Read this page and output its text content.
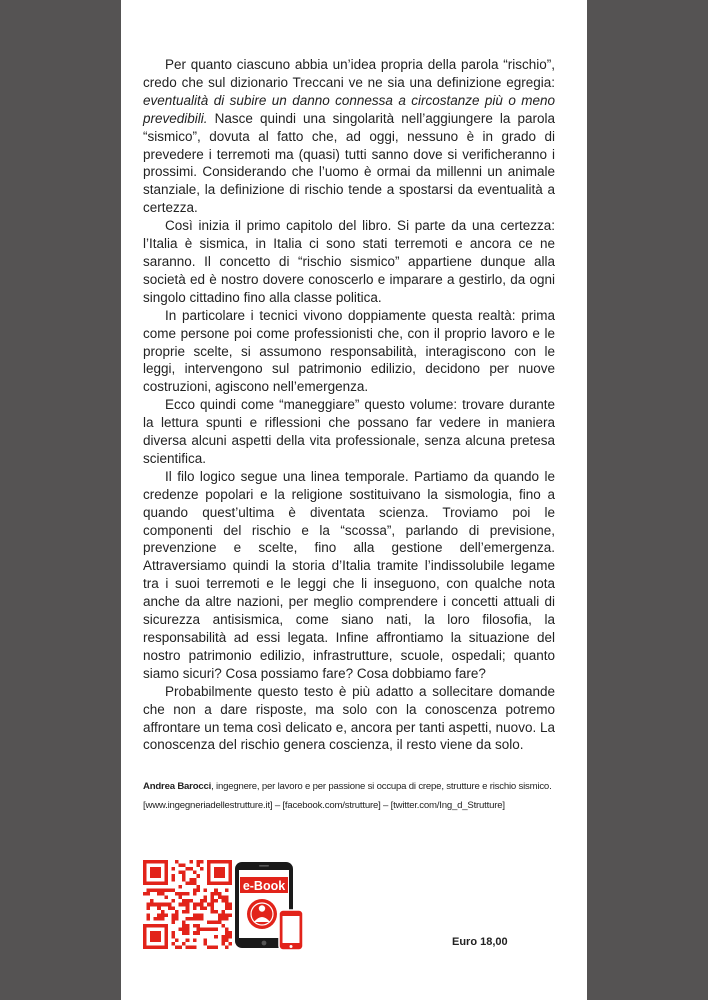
Per quanto ciascuno abbia un’idea propria della parola “rischio”, credo che sul dizionario Treccani ve ne sia una definizione egregia: eventualità di subire un danno connessa a circostanze più o meno prevedibili. Nasce quindi una singolarità nell’aggiungere la parola “sismico”, dovuta al fatto che, ad oggi, nessuno è in grado di prevedere i terremoti ma (quasi) tutti sanno dove si verificheranno i prossimi. Considerando che l’uomo è ormai da millenni un animale stanziale, la definizione di rischio tende a spostarsi da eventualità a certezza.

Così inizia il primo capitolo del libro. Si parte da una certezza: l’Italia è sismica, in Italia ci sono stati terremoti e ancora ce ne saranno. Il concetto di “rischio sismico” appartiene dunque alla società ed è nostro dovere conoscerlo e imparare a gestirlo, da ogni singolo cittadino fino alla classe politica.

In particolare i tecnici vivono doppiamente questa realtà: prima come persone poi come professionisti che, con il proprio lavoro e le proprie scelte, si assumono responsabilità, interagiscono con le leggi, intervengono sul patrimonio edilizio, decidono per nuove costruzioni, agiscono nell’emergenza.

Ecco quindi come “maneggiare” questo volume: trovare durante la lettura spunti e riflessioni che possano far vedere in maniera diversa alcuni aspetti della vita professionale, senza alcuna pretesa scientifica.

Il filo logico segue una linea temporale. Partiamo da quando le credenze popolari e la religione sostituivano la sismologia, fino a quando quest’ultima è diventata scienza. Troviamo poi le componenti del rischio e la “scossa”, parlando di previsione, prevenzione e scelte, fino alla gestione dell’emergenza. Attraversiamo quindi la storia d’Italia tramite l’indissolubile legame tra i suoi terremoti e le leggi che li inseguono, con qualche nota anche da altre nazioni, per meglio comprendere i concetti attuali di sicurezza antisismica, come siano nati, la loro filosofia, la responsabilità ad essi legata. Infine affrontiamo la situazione del nostro patrimonio edilizio, infrastrutture, scuole, ospedali; quanto siamo sicuri? Cosa possiamo fare? Cosa dobbiamo fare?

Probabilmente questo testo è più adatto a sollecitare domande che non a dare risposte, ma solo con la conoscenza potremo affrontare un tema così delicato e, ancora per tanti aspetti, nuovo. La conoscenza del rischio genera coscienza, il resto viene da solo.

Andrea Barocci, ingegnere, per lavoro e per passione si occupa di crepe, strutture e rischio sismico.
[www.ingegneriadellestrutture.it] – [facebook.com/strutture] – [twitter.com/Ing_d_Strutture]
e-Book
Euro 18,00
